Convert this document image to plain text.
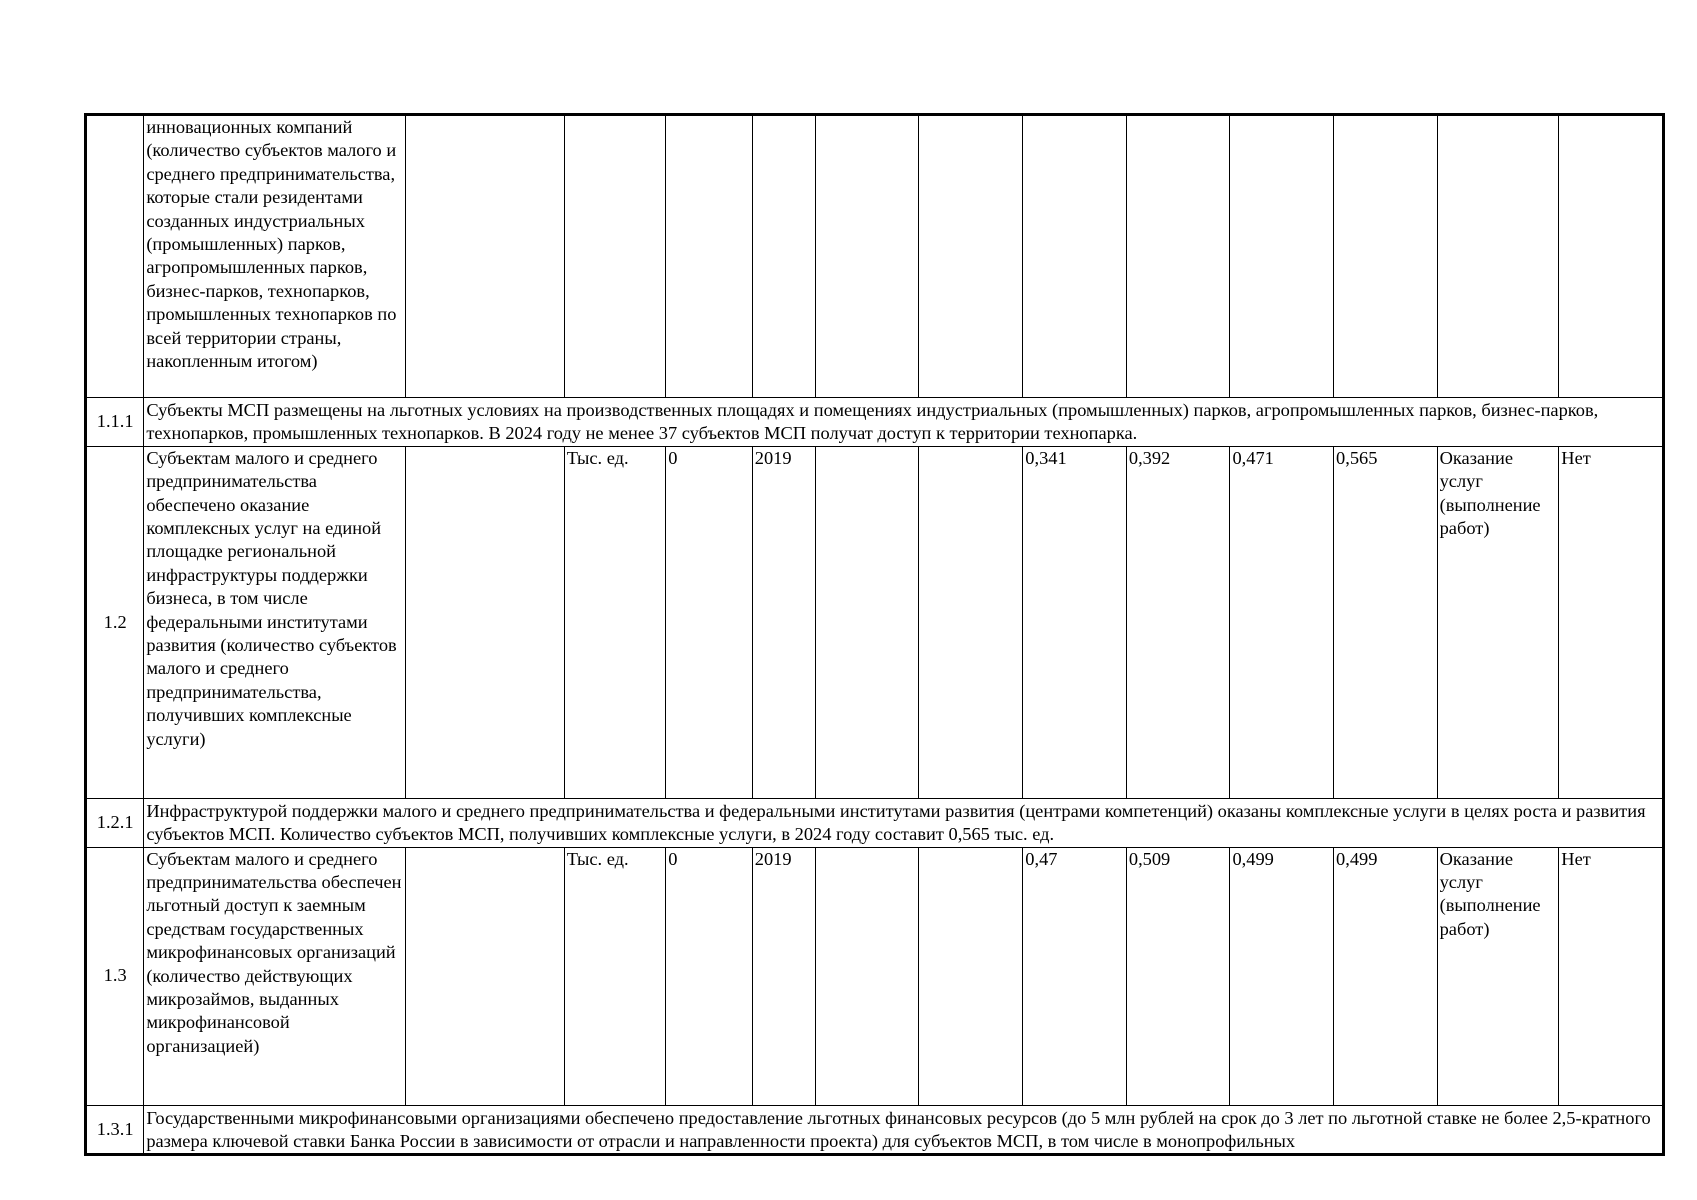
	инновационных компаний (количество субъектов малого и среднего предпринимательства, которые стали резидентами созданных индустриальных (промышленных) парков, агропромышленных парков, бизнес-парков, технопарков, промышленных технопарков по всей территории страны, накопленным итогом)												
1.1.1	Субъекты МСП размещены на льготных условиях на производственных площадях и помещениях индустриальных (промышленных) парков, агропромышленных парков, бизнес-парков, технопарков, промышленных технопарков. В 2024 году не менее 37 субъектов МСП получат доступ к территории технопарка.												
1.2	Субъектам малого и среднего предпринимательства обеспечено оказание комплексных услуг на единой площадке региональной инфраструктуры поддержки бизнеса, в том числе федеральными институтами развития (количество субъектов малого и среднего предпринимательства, получивших комплексные услуги)		Тыс. ед.	0	2019			0,341	0,392	0,471	0,565	Оказание услуг (выполнение работ)	Нет
1.2.1	Инфраструктурой поддержки малого и среднего предпринимательства и федеральными институтами развития (центрами компетенций) оказаны комплексные услуги в целях роста и развития субъектов МСП. Количество субъектов МСП, получивших комплексные услуги, в 2024 году составит 0,565 тыс. ед.												
1.3	Субъектам малого и среднего предпринимательства обеспечен льготный доступ к заемным средствам государственных микрофинансовых организаций (количество действующих микрозаймов, выданных микрофинансовой организацией)		Тыс. ед.	0	2019			0,47	0,509	0,499	0,499	Оказание услуг (выполнение работ)	Нет
1.3.1	Государственными микрофинансовыми организациями обеспечено предоставление льготных финансовых ресурсов (до 5 млн рублей на срок до 3 лет по льготной ставке не более 2,5-кратного размера ключевой ставки Банка России в зависимости от отрасли и направленности проекта) для субъектов МСП, в том числе в монопрофильных												
